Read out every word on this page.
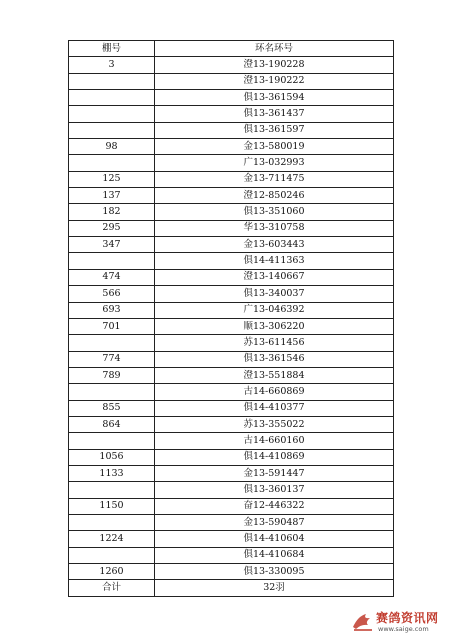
棚号	环名环号
3	澄13-190228
	澄13-190222
	俱13-361594
	俱13-361437
	俱13-361597
98	金13-580019
	广13-032993
125	金13-711475
137	澄12-850246
182	俱13-351060
295	华13-310758
347	金13-603443
	俱14-411363
474	澄13-140667
566	俱13-340037
693	广13-046392
701	顺13-306220
	苏13-611456
774	俱13-361546
789	澄13-551884
	古14-660869
855	俱14-410377
864	苏13-355022
	古14-660160
1056	俱14-410869
1133	金13-591447
	俱13-360137
1150	奋12-446322
	金13-590487
1224	俱14-410604
	俱14-410684
1260	俱13-330095
合计	32羽
赛鸽资讯网
www.saige.com
